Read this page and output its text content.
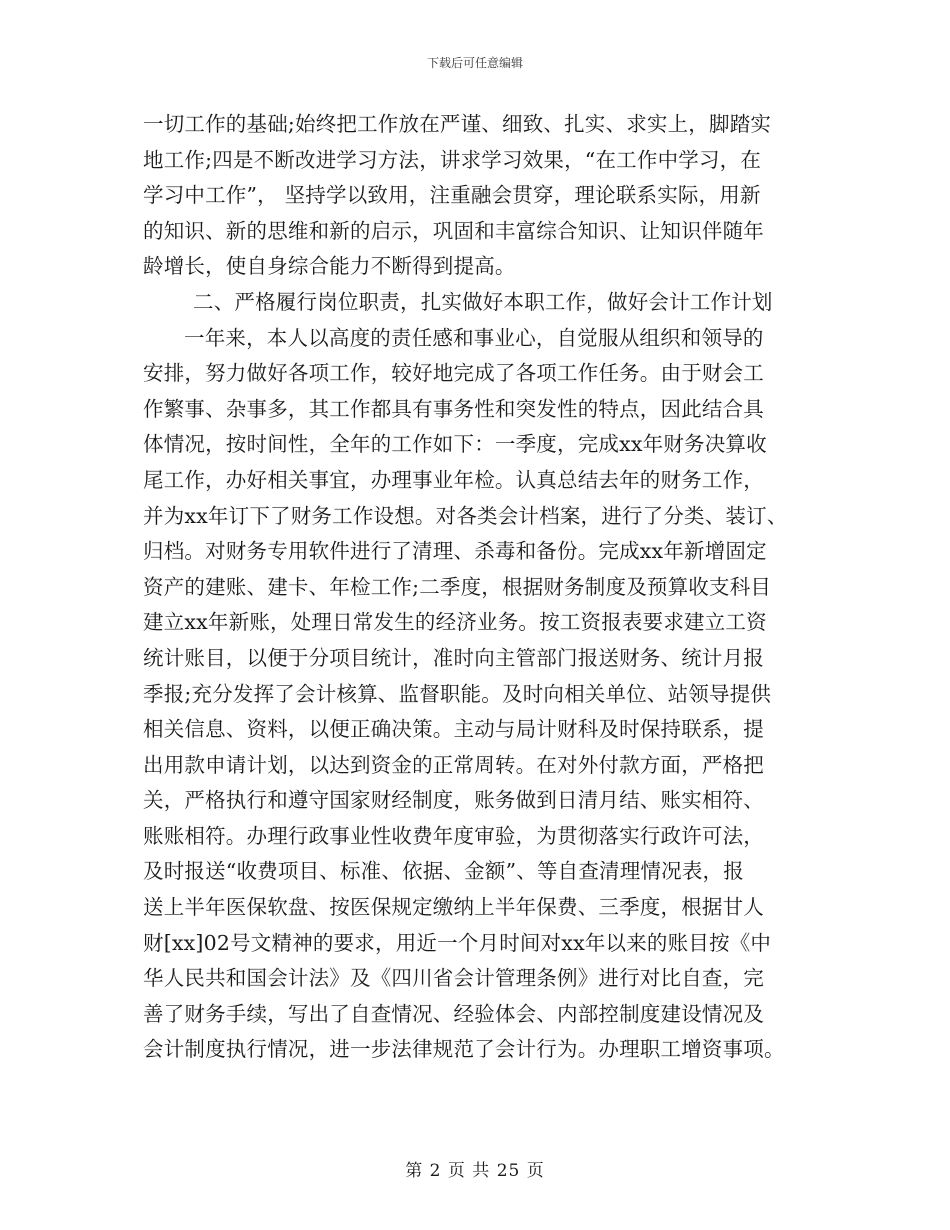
下载后可任意编辑
一切工作的基础;始终把工作放在严谨、细致、扎实、求实上，脚踏实
地工作;四是不断改进学习方法，讲求学习效果，“在工作中学习，在
学习中工作”， 坚持学以致用，注重融会贯穿，理论联系实际，用新
的知识、新的思维和新的启示，巩固和丰富综合知识、让知识伴随年
龄增长，使自身综合能力不断得到提高。
二、严格履行岗位职责，扎实做好本职工作，做好会计工作计划
一年来，本人以高度的责任感和事业心，自觉服从组织和领导的
安排，努力做好各项工作，较好地完成了各项工作任务。由于财会工
作繁事、杂事多，其工作都具有事务性和突发性的特点，因此结合具
体情况，按时间性，全年的工作如下：一季度，完成xx年财务决算收
尾工作，办好相关事宜，办理事业年检。认真总结去年的财务工作，
并为xx年订下了财务工作设想。对各类会计档案，进行了分类、装订、
归档。对财务专用软件进行了清理、杀毒和备份。完成xx年新增固定
资产的建账、建卡、年检工作;二季度，根据财务制度及预算收支科目
建立xx年新账，处理日常发生的经济业务。按工资报表要求建立工资
统计账目，以便于分项目统计，准时向主管部门报送财务、统计月报
季报;充分发挥了会计核算、监督职能。及时向相关单位、站领导提供
相关信息、资料，以便正确决策。主动与局计财科及时保持联系，提
出用款申请计划，以达到资金的正常周转。在对外付款方面，严格把
关，严格执行和遵守国家财经制度，账务做到日清月结、账实相符、
账账相符。办理行政事业性收费年度审验，为贯彻落实行政许可法，
及时报送“收费项目、标准、依据、金额”、等自查清理情况表，报
送上半年医保软盘、按医保规定缴纳上半年保费、三季度，根据甘人
财[xx]02号文精神的要求，用近一个月时间对xx年以来的账目按《中
华人民共和国会计法》及《四川省会计管理条例》进行对比自查，完
善了财务手续，写出了自查情况、经验体会、内部控制度建设情况及
会计制度执行情况，进一步法律规范了会计行为。办理职工增资事项。
第 2 页 共 25 页
